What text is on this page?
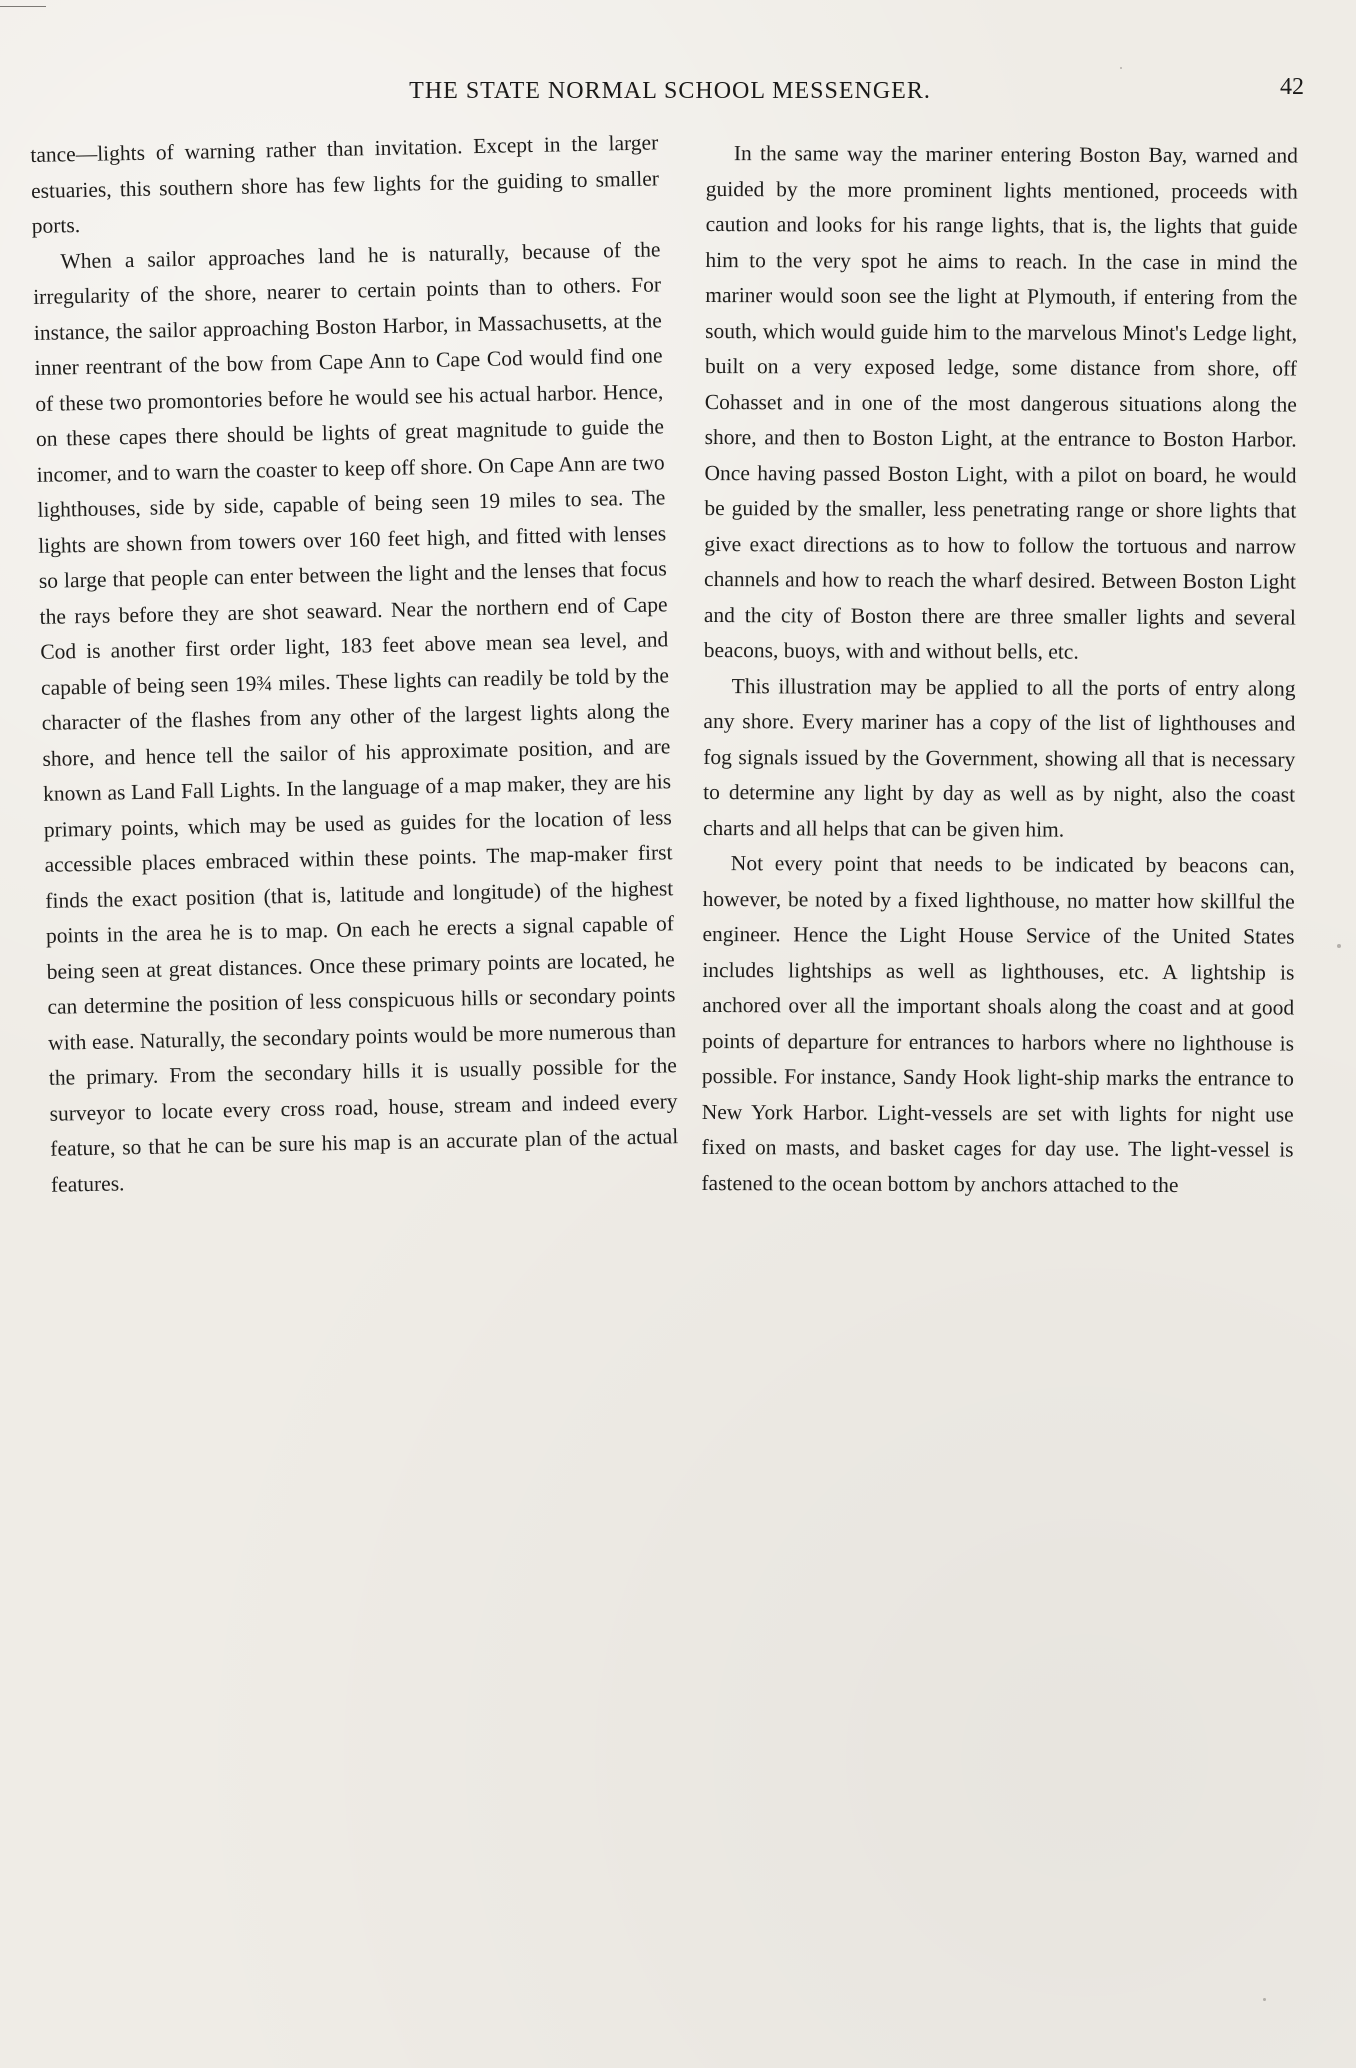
THE STATE NORMAL SCHOOL MESSENGER.	42

tance—lights of warning rather than invitation. Except in the larger estuaries, this southern shore has few lights for the guiding to smaller ports.

When a sailor approaches land he is naturally, because of the irregularity of the shore, nearer to certain points than to others. For instance, the sailor approaching Boston Harbor, in Massachusetts, at the inner reentrant of the bow from Cape Ann to Cape Cod would find one of these two promontories before he would see his actual harbor. Hence, on these capes there should be lights of great magnitude to guide the incomer, and to warn the coaster to keep off shore. On Cape Ann are two lighthouses, side by side, capable of being seen 19 miles to sea. The lights are shown from towers over 160 feet high, and fitted with lenses so large that people can enter between the light and the lenses that focus the rays before they are shot seaward. Near the northern end of Cape Cod is another first order light, 183 feet above mean sea level, and capable of being seen 19¾ miles. These lights can readily be told by the character of the flashes from any other of the largest lights along the shore, and hence tell the sailor of his approximate position, and are known as Land Fall Lights. In the language of a map maker, they are his primary points, which may be used as guides for the location of less accessible places embraced within these points. The map-maker first finds the exact position (that is, latitude and longitude) of the highest points in the area he is to map. On each he erects a signal capable of being seen at great distances. Once these primary points are located, he can determine the position of less conspicuous hills or secondary points with ease. Naturally, the secondary points would be more numerous than the primary. From the secondary hills it is usually possible for the surveyor to locate every cross road, house, stream and indeed every feature, so that he can be sure his map is an accurate plan of the actual features.

In the same way the mariner entering Boston Bay, warned and guided by the more prominent lights mentioned, proceeds with caution and looks for his range lights, that is, the lights that guide him to the very spot he aims to reach. In the case in mind the mariner would soon see the light at Plymouth, if entering from the south, which would guide him to the marvelous Minot's Ledge light, built on a very exposed ledge, some distance from shore, off Cohasset and in one of the most dangerous situations along the shore, and then to Boston Light, at the entrance to Boston Harbor. Once having passed Boston Light, with a pilot on board, he would be guided by the smaller, less penetrating range or shore lights that give exact directions as to how to follow the tortuous and narrow channels and how to reach the wharf desired. Between Boston Light and the city of Boston there are three smaller lights and several beacons, buoys, with and without bells, etc.

This illustration may be applied to all the ports of entry along any shore. Every mariner has a copy of the list of lighthouses and fog signals issued by the Government, showing all that is necessary to determine any light by day as well as by night, also the coast charts and all helps that can be given him.

Not every point that needs to be indicated by beacons can, however, be noted by a fixed lighthouse, no matter how skillful the engineer. Hence the Light House Service of the United States includes lightships as well as lighthouses, etc. A lightship is anchored over all the important shoals along the coast and at good points of departure for entrances to harbors where no lighthouse is possible. For instance, Sandy Hook light-ship marks the entrance to New York Harbor. Light-vessels are set with lights for night use fixed on masts, and basket cages for day use. The light-vessel is fastened to the ocean bottom by anchors attached to the
